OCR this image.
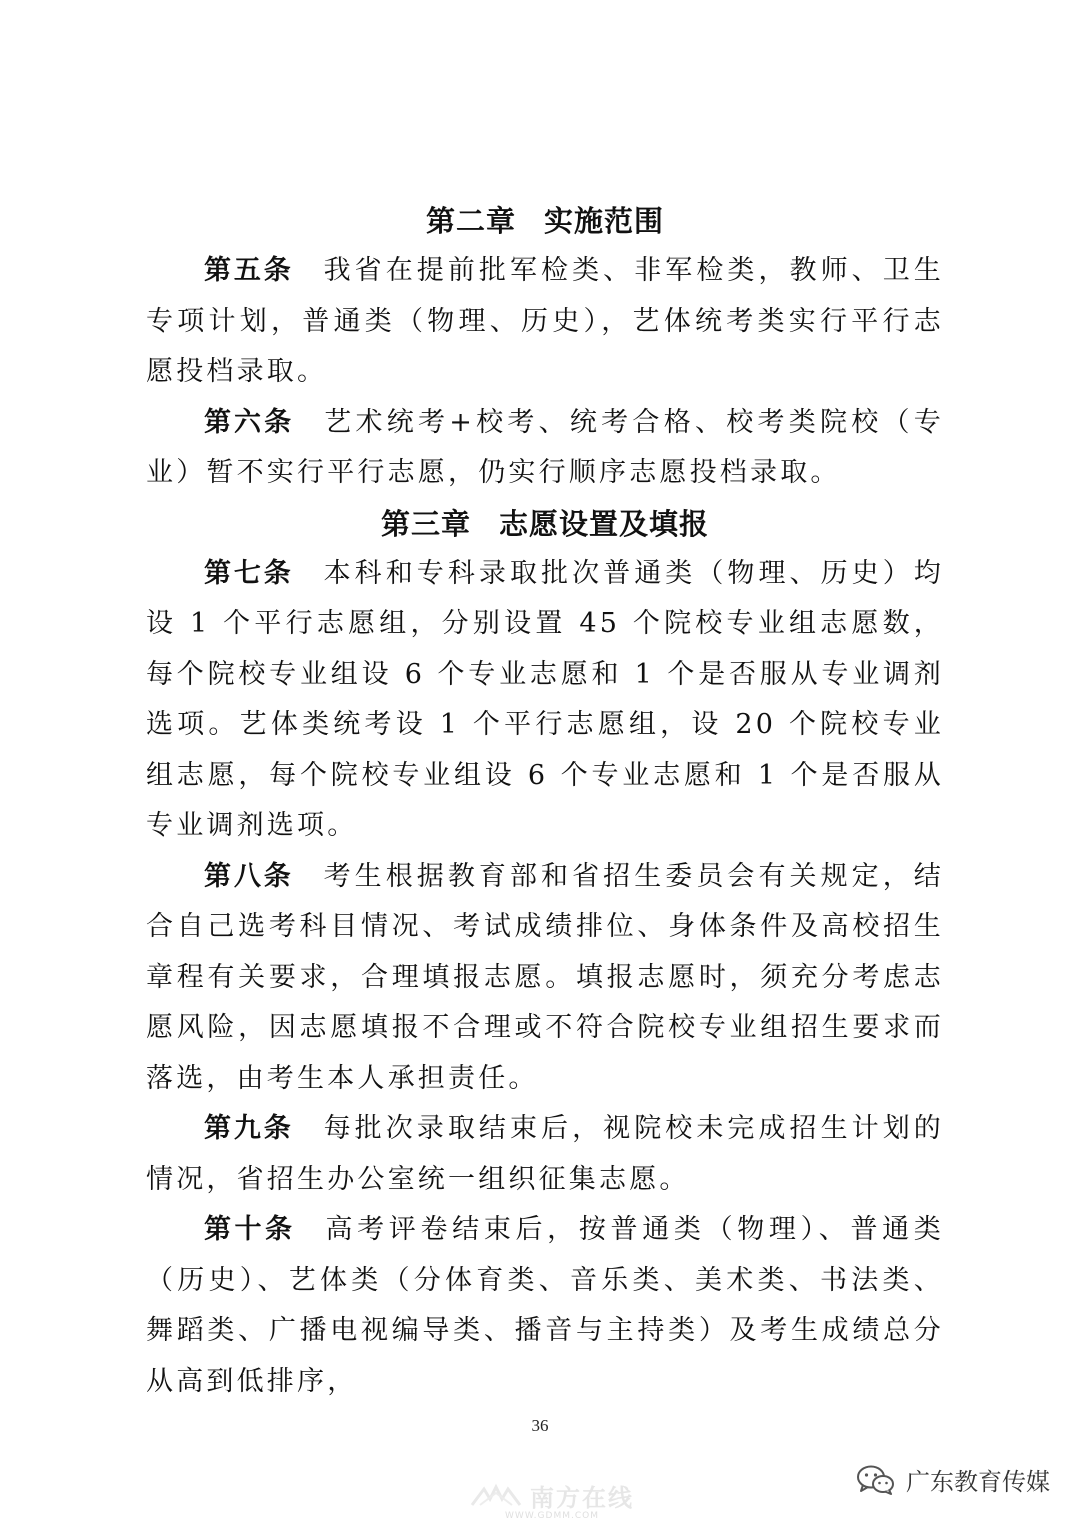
第二章 实施范围

第五条 我省在提前批军检类、非军检类，教师、卫生专项计划，普通类（物理、历史），艺体统考类实行平行志愿投档录取。

第六条 艺术统考+校考、统考合格、校考类院校（专业）暂不实行平行志愿，仍实行顺序志愿投档录取。

第三章 志愿设置及填报

第七条 本科和专科录取批次普通类（物理、历史）均设 1 个平行志愿组，分别设置 45 个院校专业组志愿数，每个院校专业组设 6 个专业志愿和 1 个是否服从专业调剂选项。艺体类统考设 1 个平行志愿组，设 20 个院校专业组志愿，每个院校专业组设 6 个专业志愿和 1 个是否服从专业调剂选项。

第八条 考生根据教育部和省招生委员会有关规定，结合自己选考科目情况、考试成绩排位、身体条件及高校招生章程有关要求，合理填报志愿。填报志愿时，须充分考虑志愿风险，因志愿填报不合理或不符合院校专业组招生要求而落选，由考生本人承担责任。

第九条 每批次录取结束后，视院校未完成招生计划的情况，省招生办公室统一组织征集志愿。

第十条 高考评卷结束后，按普通类（物理）、普通类（历史）、艺体类（分体育类、音乐类、美术类、书法类、舞蹈类、广播电视编导类、播音与主持类）及考生成绩总分从高到低排序，

36
南方在线
WWW.GDMM.COM
广东教育传媒
